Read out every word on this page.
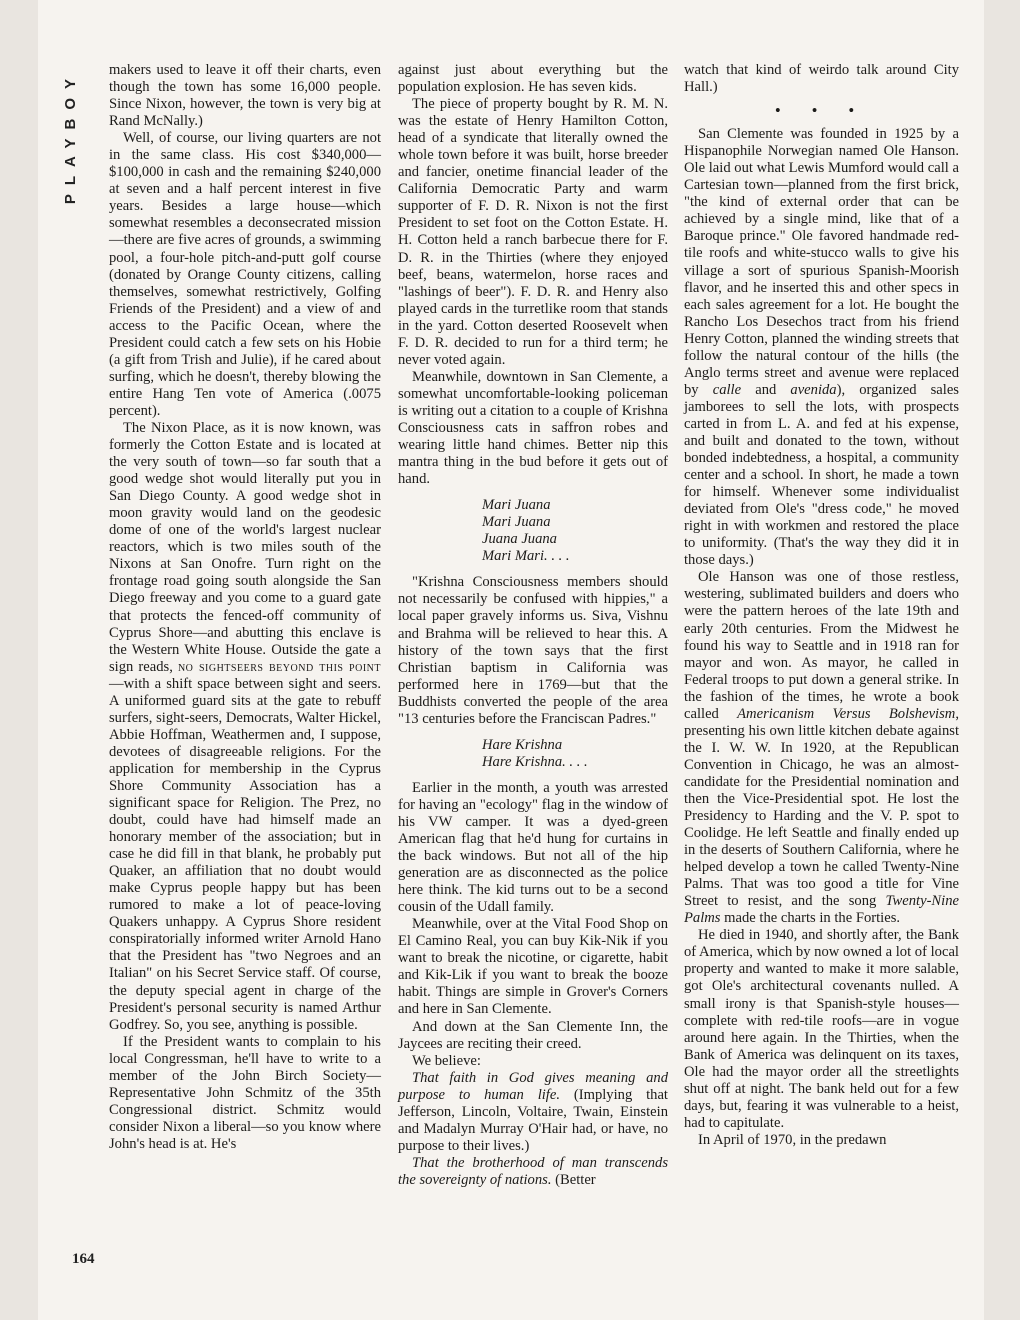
PLAYBOY
164

makers used to leave it off their charts, even though the town has some 16,000 people. Since Nixon, however, the town is very big at Rand McNally.)

Well, of course, our living quarters are not in the same class. His cost $340,000—$100,000 in cash and the remaining $240,000 at seven and a half percent interest in five years. Besides a large house—which somewhat resembles a deconsecrated mission—there are five acres of grounds, a swimming pool, a four-hole pitch-and-putt golf course (donated by Orange County citizens, calling themselves, somewhat restrictively, Golfing Friends of the President) and a view of and access to the Pacific Ocean, where the President could catch a few sets on his Hobie (a gift from Trish and Julie), if he cared about surfing, which he doesn't, thereby blowing the entire Hang Ten vote of America (.0075 percent).

The Nixon Place, as it is now known, was formerly the Cotton Estate and is located at the very south of town—so far south that a good wedge shot would literally put you in San Diego County. A good wedge shot in moon gravity would land on the geodesic dome of one of the world's largest nuclear reactors, which is two miles south of the Nixons at San Onofre. Turn right on the frontage road going south alongside the San Diego freeway and you come to a guard gate that protects the fenced-off community of Cyprus Shore—and abutting this enclave is the Western White House. Outside the gate a sign reads, no sightseers beyond this point—with a shift space between sight and seers. A uniformed guard sits at the gate to rebuff surfers, sight-seers, Democrats, Walter Hickel, Abbie Hoffman, Weathermen and, I suppose, devotees of disagreeable religions. For the application for membership in the Cyprus Shore Community Association has a significant space for Religion. The Prez, no doubt, could have had himself made an honorary member of the association; but in case he did fill in that blank, he probably put Quaker, an affiliation that no doubt would make Cyprus people happy but has been rumored to make a lot of peace-loving Quakers unhappy. A Cyprus Shore resident conspiratorially informed writer Arnold Hano that the President has "two Negroes and an Italian" on his Secret Service staff. Of course, the deputy special agent in charge of the President's personal security is named Arthur Godfrey. So, you see, anything is possible.

If the President wants to complain to his local Congressman, he'll have to write to a member of the John Birch Society—Representative John Schmitz of the 35th Congressional district. Schmitz would consider Nixon a liberal—so you know where John's head is at. He's

against just about everything but the population explosion. He has seven kids.

The piece of property bought by R. M. N. was the estate of Henry Hamilton Cotton, head of a syndicate that literally owned the whole town before it was built, horse breeder and fancier, onetime financial leader of the California Democratic Party and warm supporter of F. D. R. Nixon is not the first President to set foot on the Cotton Estate. H. H. Cotton held a ranch barbecue there for F. D. R. in the Thirties (where they enjoyed beef, beans, watermelon, horse races and "lashings of beer"). F. D. R. and Henry also played cards in the turretlike room that stands in the yard. Cotton deserted Roosevelt when F. D. R. decided to run for a third term; he never voted again.

Meanwhile, downtown in San Clemente, a somewhat uncomfortable-looking policeman is writing out a citation to a couple of Krishna Consciousness cats in saffron robes and wearing little hand chimes. Better nip this mantra thing in the bud before it gets out of hand.

Mari Juana
Mari Juana
Juana Juana
Mari Mari. . . .

"Krishna Consciousness members should not necessarily be confused with hippies," a local paper gravely informs us. Siva, Vishnu and Brahma will be relieved to hear this. A history of the town says that the first Christian baptism in California was performed here in 1769—but that the Buddhists converted the people of the area "13 centuries before the Franciscan Padres."

Hare Krishna
Hare Krishna. . . .

Earlier in the month, a youth was arrested for having an "ecology" flag in the window of his VW camper. It was a dyed-green American flag that he'd hung for curtains in the back windows. But not all of the hip generation are as disconnected as the police here think. The kid turns out to be a second cousin of the Udall family.

Meanwhile, over at the Vital Food Shop on El Camino Real, you can buy Kik-Nik if you want to break the nicotine, or cigarette, habit and Kik-Lik if you want to break the booze habit. Things are simple in Grover's Corners and here in San Clemente.

And down at the San Clemente Inn, the Jaycees are reciting their creed.

We believe:

That faith in God gives meaning and purpose to human life. (Implying that Jefferson, Lincoln, Voltaire, Twain, Einstein and Madalyn Murray O'Hair had, or have, no purpose to their lives.)

That the brotherhood of man transcends the sovereignty of nations. (Better

watch that kind of weirdo talk around City Hall.)

• • •

San Clemente was founded in 1925 by a Hispanophile Norwegian named Ole Hanson. Ole laid out what Lewis Mumford would call a Cartesian town—planned from the first brick, "the kind of external order that can be achieved by a single mind, like that of a Baroque prince." Ole favored handmade red-tile roofs and white-stucco walls to give his village a sort of spurious Spanish-Moorish flavor, and he inserted this and other specs in each sales agreement for a lot. He bought the Rancho Los Desechos tract from his friend Henry Cotton, planned the winding streets that follow the natural contour of the hills (the Anglo terms street and avenue were replaced by calle and avenida), organized sales jamborees to sell the lots, with prospects carted in from L. A. and fed at his expense, and built and donated to the town, without bonded indebtedness, a hospital, a community center and a school. In short, he made a town for himself. Whenever some individualist deviated from Ole's "dress code," he moved right in with workmen and restored the place to uniformity. (That's the way they did it in those days.)

Ole Hanson was one of those restless, westering, sublimated builders and doers who were the pattern heroes of the late 19th and early 20th centuries. From the Midwest he found his way to Seattle and in 1918 ran for mayor and won. As mayor, he called in Federal troops to put down a general strike. In the fashion of the times, he wrote a book called Americanism Versus Bolshevism, presenting his own little kitchen debate against the I. W. W. In 1920, at the Republican Convention in Chicago, he was an almost-candidate for the Presidential nomination and then the Vice-Presidential spot. He lost the Presidency to Harding and the V. P. spot to Coolidge. He left Seattle and finally ended up in the deserts of Southern California, where he helped develop a town he called Twenty-Nine Palms. That was too good a title for Vine Street to resist, and the song Twenty-Nine Palms made the charts in the Forties.

He died in 1940, and shortly after, the Bank of America, which by now owned a lot of local property and wanted to make it more salable, got Ole's architectural covenants nulled. A small irony is that Spanish-style houses—complete with red-tile roofs—are in vogue around here again. In the Thirties, when the Bank of America was delinquent on its taxes, Ole had the mayor order all the streetlights shut off at night. The bank held out for a few days, but, fearing it was vulnerable to a heist, had to capitulate.

In April of 1970, in the predawn
